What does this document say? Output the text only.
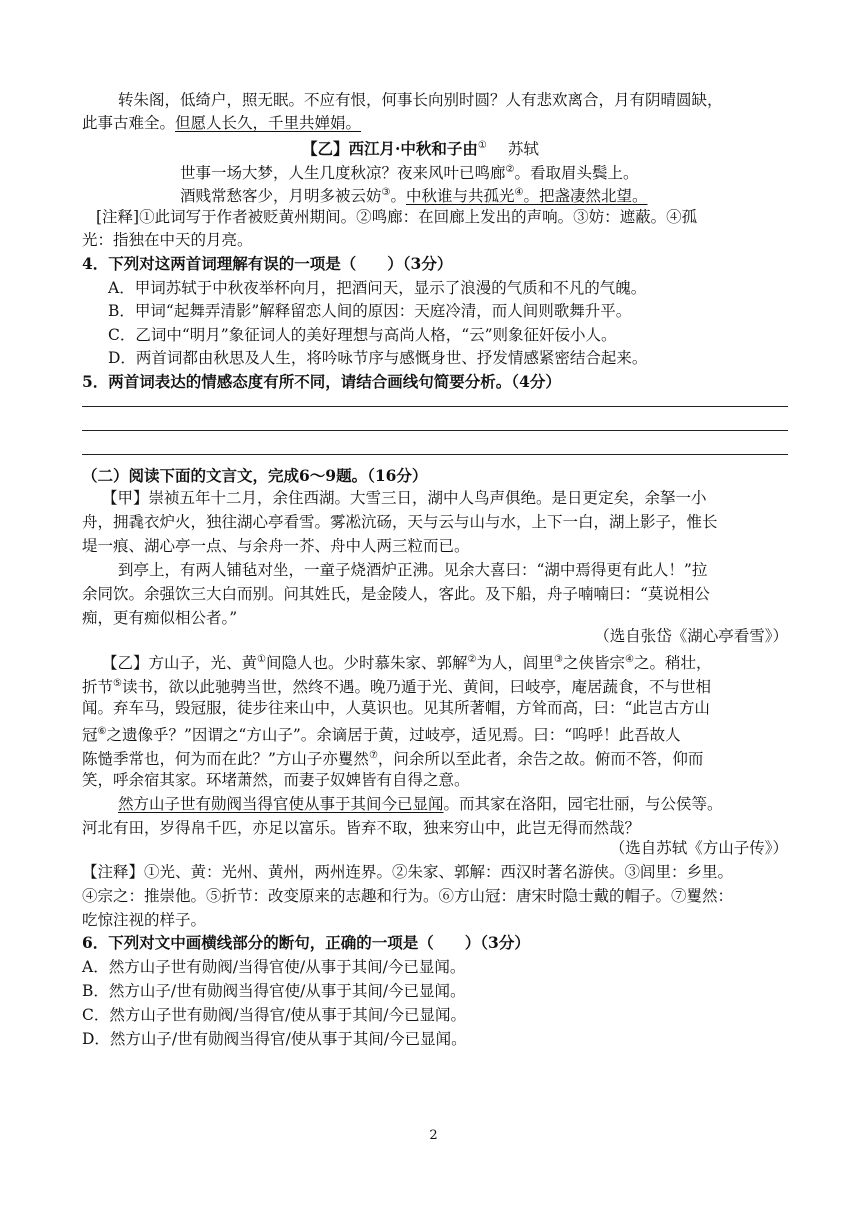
转朱阁，低绮户，照无眠。不应有恨，何事长向别时圆？人有悲欢离合，月有阴晴圆缺，
此事古难全。但愿人长久，千里共婵娟。
【乙】西江月·中秋和子由① 苏轼
世事一场大梦，人生几度秋凉？夜来风叶已鸣廊②。看取眉头鬓上。
酒贱常愁客少，月明多被云妨③。中秋谁与共孤光④。把盏凄然北望。
[注释]①此词写于作者被贬黄州期间。②鸣廊：在回廊上发出的声响。③妨：遮蔽。④孤
光：指独在中天的月亮。
4．下列对这两首词理解有误的一项是（　　）（3分）
A．甲词苏轼于中秋夜举杯向月，把酒问天，显示了浪漫的气质和不凡的气魄。
B．甲词“起舞弄清影”解释留恋人间的原因：天庭冷清，而人间则歌舞升平。
C．乙词中“明月”象征词人的美好理想与高尚人格，“云”则象征奸佞小人。
D．两首词都由秋思及人生，将吟咏节序与感慨身世、抒发情感紧密结合起来。
5．两首词表达的情感态度有所不同，请结合画线句简要分析。（4分）
（二）阅读下面的文言文，完成6～9题。（16分）
【甲】崇祯五年十二月，余住西湖。大雪三日，湖中人鸟声俱绝。是日更定矣，余拏一小
舟，拥毳衣炉火，独往湖心亭看雪。雾凇沆砀，天与云与山与水，上下一白，湖上影子，惟长
堤一痕、湖心亭一点、与余舟一芥、舟中人两三粒而已。
到亭上，有两人铺毡对坐，一童子烧酒炉正沸。见余大喜曰：“湖中焉得更有此人！”拉
余同饮。余强饮三大白而别。问其姓氏，是金陵人，客此。及下船，舟子喃喃曰：“莫说相公
痴，更有痴似相公者。”
（选自张岱《湖心亭看雪》）
【乙】方山子，光、黄①间隐人也。少时慕朱家、郭解②为人，闾里③之侠皆宗④之。稍壮，
折节⑤读书，欲以此驰骋当世，然终不遇。晚乃遁于光、黄间，曰岐亭，庵居蔬食，不与世相
闻。弃车马，毁冠服，徒步往来山中，人莫识也。见其所著帽，方耸而高，曰：“此岂古方山
冠⑥之遗像乎？”因谓之“方山子”。余谪居于黄，过岐亭，适见焉。曰：“呜呼！此吾故人
陈慥季常也，何为而在此？”方山子亦矍然⑦，问余所以至此者，余告之故。俯而不答，仰而
笑，呼余宿其家。环堵萧然，而妻子奴婢皆有自得之意。
然方山子世有勋阀当得官使从事于其间今已显闻。而其家在洛阳，园宅壮丽，与公侯等。
河北有田，岁得帛千匹，亦足以富乐。皆弃不取，独来穷山中，此岂无得而然哉？
（选自苏轼《方山子传》）
【注释】①光、黄：光州、黄州，两州连界。②朱家、郭解：西汉时著名游侠。③闾里：乡里。
④宗之：推崇他。⑤折节：改变原来的志趣和行为。⑥方山冠：唐宋时隐士戴的帽子。⑦矍然：
吃惊注视的样子。
6．下列对文中画横线部分的断句，正确的一项是（　　）（3分）
A．然方山子世有勋阀/当得官使/从事于其间/今已显闻。
B．然方山子/世有勋阀当得官使/从事于其间/今已显闻。
C．然方山子世有勋阀/当得官/使从事于其间/今已显闻。
D．然方山子/世有勋阀当得官/使从事于其间/今已显闻。
2
